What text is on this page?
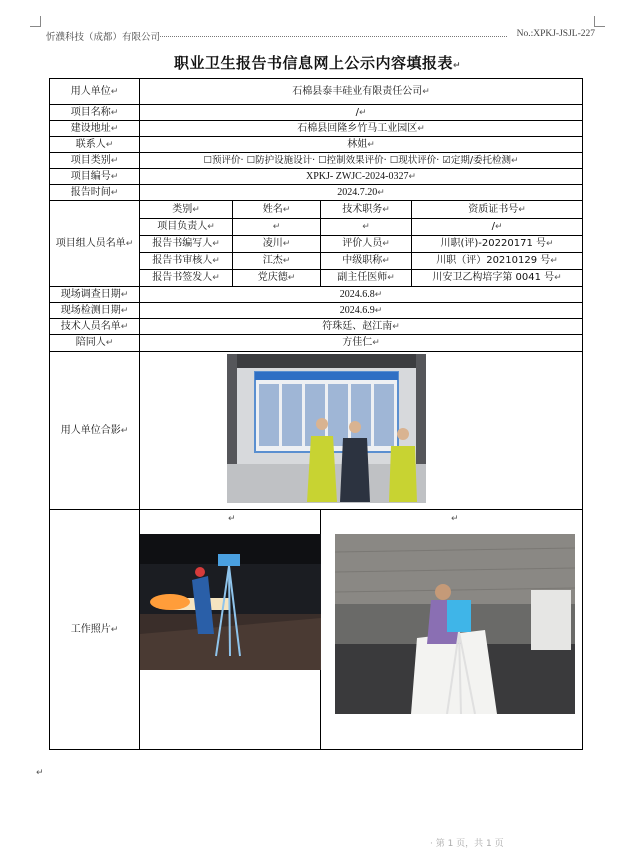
忻濮科技（成都）有限公司	No.:XPKJ-JSJL-227
职业卫生报告书信息网上公示内容填报表↵
用人单位↵	石棉县泰丰硅业有限责任公司↵			
项目名称↵	/↵			
建设地址↵	石棉县回隆乡竹马工业园区↵			
联系人↵	林姐↵			
项目类别↵	☐预评价· ☐防护设施设计· ☐控制效果评价· ☐现状评价· ☑定期/委托检测↵			
项目编号↵	XPKJ- ZWJC-2024-0327↵			
报告时间↵	2024.7.20↵			
项目组人员名单↵	类别↵	姓名↵	技术职务↵	资质证书号↵
	项目负责人↵	↵	↵	/↵
	报告书编写人↵	凌川↵	评价人员↵	川职(评)-20220171 号↵
	报告书审核人↵	江杰↵	中级职称↵	川职（评）20210129 号↵
	报告书签发人↵	党庆德↵	副主任医师↵	川安卫乙构培字第 0041 号↵
现场调查日期↵	2024.6.8↵			
现场检测日期↵	2024.6.9↵			
技术人员名单↵	符珠廷、赵江南↵			
陪同人↵	方佳仁↵			
用人单位合影↵	

工作照片↵	↵		↵	
↵
· 第 1 页，共 1 页
